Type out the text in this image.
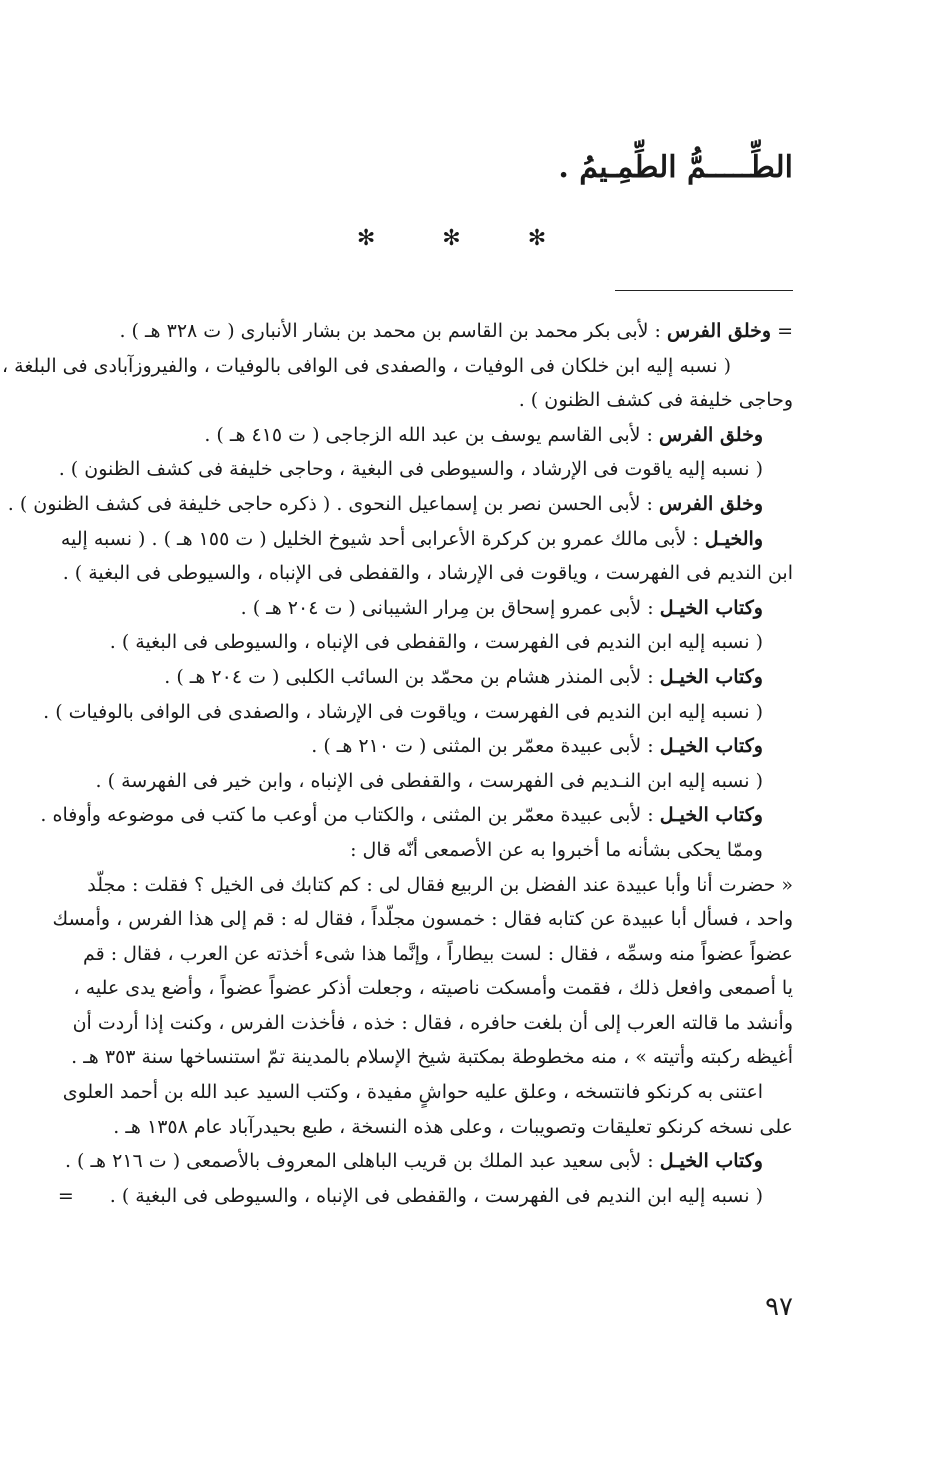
الطِّـــــمُّ الطِّمِـيمُ .
✻ ✻ ✻
= وخلق الفرس : لأبى بكر محمد بن القاسم بن محمد بن بشار الأنبارى ( ت ٣٢٨ هـ ) .
( نسبه إليه ابن خلكان فى الوفيات ، والصفدى فى الوافى بالوفيات ، والفيروزآبادى فى البلغة ،
وحاجى خليفة فى كشف الظنون ) .
وخلق الفرس : لأبى القاسم يوسف بن عبد الله الزجاجى ( ت ٤١٥ هـ ) .
( نسبه إليه ياقوت فى الإرشاد ، والسيوطى فى البغية ، وحاجى خليفة فى كشف الظنون ) .
وخلق الفرس : لأبى الحسن نصر بن إسماعيل النحوى . ( ذكره حاجى خليفة فى كشف الظنون ) .
والخيـل : لأبى مالك عمرو بن كركرة الأعرابى أحد شيوخ الخليل ( ت ١٥٥ هـ ) . ( نسبه إليه
ابن النديم فى الفهرست ، وياقوت فى الإرشاد ، والقفطى فى الإنباه ، والسيوطى فى البغية ) .
وكتاب الخيـل : لأبى عمرو إسحاق بن مِرار الشيبانى ( ت ٢٠٤ هـ ) .
( نسبه إليه ابن النديم فى الفهرست ، والقفطى فى الإنباه ، والسيوطى فى البغية ) .
وكتاب الخيـل : لأبى المنذر هشام بن محمّد بن السائب الكلبى ( ت ٢٠٤ هـ ) .
( نسبه إليه ابن النديم فى الفهرست ، وياقوت فى الإرشاد ، والصفدى فى الوافى بالوفيات ) .
وكتاب الخيـل : لأبى عبيدة معمّر بن المثنى ( ت ٢١٠ هـ ) .
( نسبه إليه ابن النـديم فى الفهرست ، والقفطى فى الإنباه ، وابن خير فى الفهرسة ) .
وكتاب الخيـل : لأبى عبيدة معمّر بن المثنى ، والكتاب من أوعب ما كتب فى موضوعه وأوفاه .
وممّا يحكى بشأنه ما أخبروا به عن الأصمعى أنّه قال :
« حضرت أنا وأبا عبيدة عند الفضل بن الربيع فقال لى : كم كتابك فى الخيل ؟ فقلت : مجلّد
واحد ، فسأل أبا عبيدة عن كتابه فقال : خمسون مجلّداً ، فقال له : قم إلى هذا الفرس ، وأمسك
عضواً عضواً منه وسمِّه ، فقال : لست بيطاراً ، وإنَّما هذا شىء أخذته عن العرب ، فقال : قم
يا أصمعى وافعل ذلك ، فقمت وأمسكت ناصيته ، وجعلت أذكر عضواً عضواً ، وأضع يدى عليه ،
وأنشد ما قالته العرب إلى أن بلغت حافره ، فقال : خذه ، فأخذت الفرس ، وكنت إذا أردت أن
أغيظه ركبته وأتيته » ، منه مخطوطة بمكتبة شيخ الإسلام بالمدينة تمّ استنساخها سنة ٣٥٣ هـ .
اعتنى به كرنكو فانتسخه ، وعلق عليه حواشٍ مفيدة ، وكتب السيد عبد الله بن أحمد العلوى
على نسخه كرنكو تعليقات وتصويبات ، وعلى هذه النسخة ، طبع بحيدرآباد عام ١٣٥٨ هـ .
وكتاب الخيـل : لأبى سعيد عبد الملك بن قريب الباهلى المعروف بالأصمعى ( ت ٢١٦ هـ ) .
( نسبه إليه ابن النديم فى الفهرست ، والقفطى فى الإنباه ، والسيوطى فى البغية ) .=
٩٧
